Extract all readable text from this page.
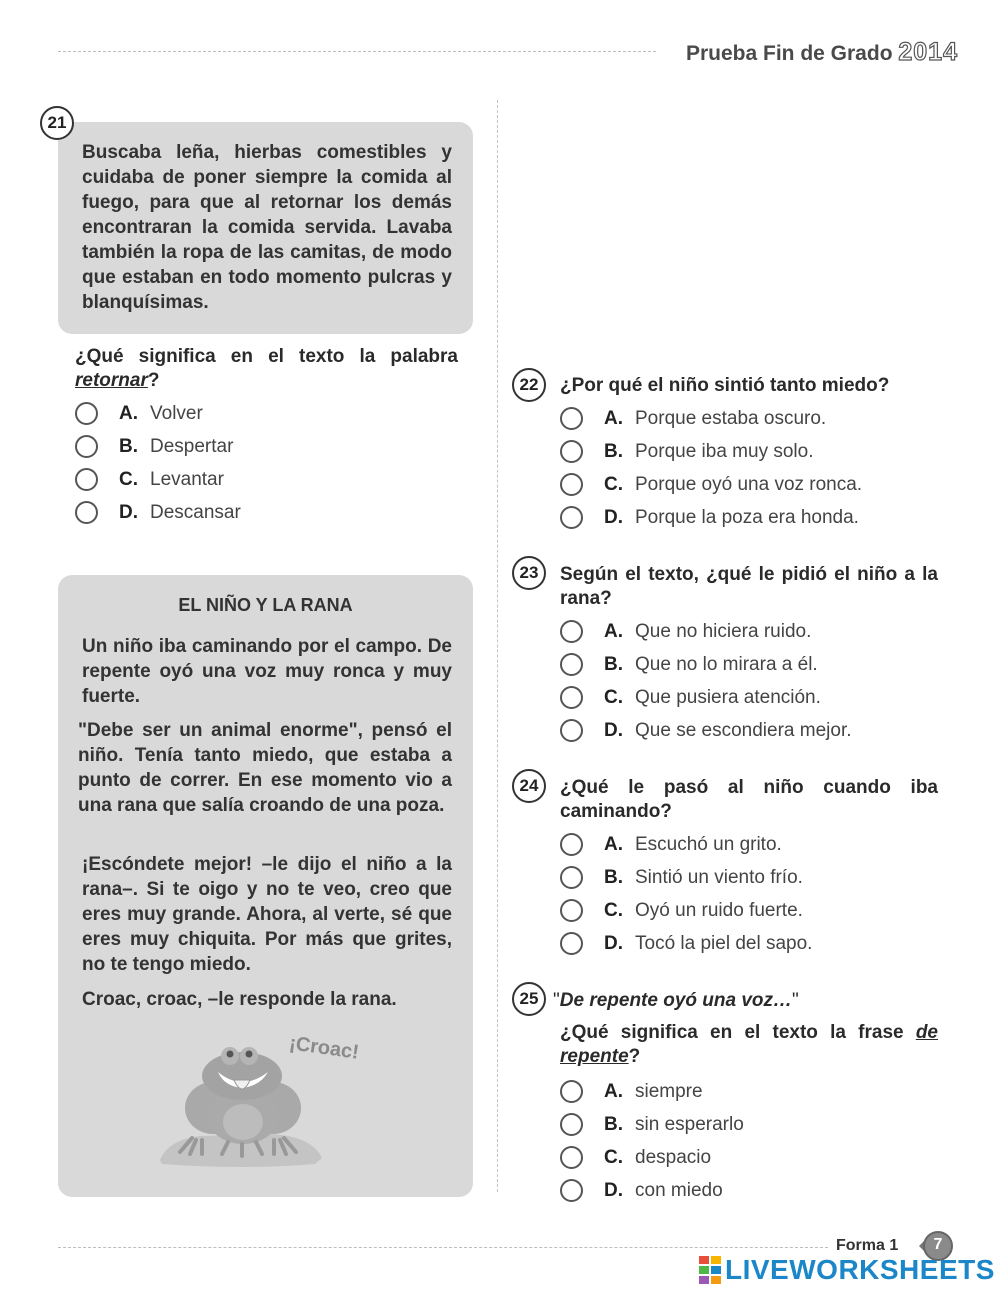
Prueba Fin de Grado 2014
21
Buscaba leña, hierbas comestibles y cuidaba de poner siempre la comida al fuego, para que al retornar los demás encontraran la comida servida. Lavaba también la ropa de las camitas, de modo que estaban en todo momento pulcras y blanquísimas.
¿Qué significa en el texto la palabra retornar?
A. Volver
B. Despertar
C. Levantar
D. Descansar
EL NIÑO Y LA RANA
Un niño iba caminando por el campo. De repente oyó una voz muy ronca y muy fuerte.
"Debe ser un animal enorme", pensó el niño. Tenía tanto miedo, que estaba a punto de correr. En ese momento vio a una rana que salía croando de una poza.
¡Escóndete mejor! –le dijo el niño a la rana–. Si te oigo y no te veo, creo que eres muy grande. Ahora, al verte, sé que eres muy chiquita. Por más que grites, no te tengo miedo.
Croac, croac, –le responde la rana.
¡Croac!
22	¿Por qué el niño sintió tanto miedo?
A. Porque estaba oscuro.
B. Porque iba muy solo.
C. Porque oyó una voz ronca.
D. Porque la poza era honda.
23	Según el texto, ¿qué le pidió el niño a la rana?
A. Que no hiciera ruido.
B. Que no lo mirara a él.
C. Que pusiera atención.
D. Que se escondiera mejor.
24	¿Qué le pasó al niño cuando iba caminando?
A. Escuchó un grito.
B. Sintió un viento frío.
C. Oyó un ruido fuerte.
D. Tocó la piel del sapo.
25 "De repente oyó una voz…"
¿Qué significa en el texto la frase de repente?
A. siempre
B. sin esperarlo
C. despacio
D. con miedo
Forma 1	7
LIVEWORKSHEETS
